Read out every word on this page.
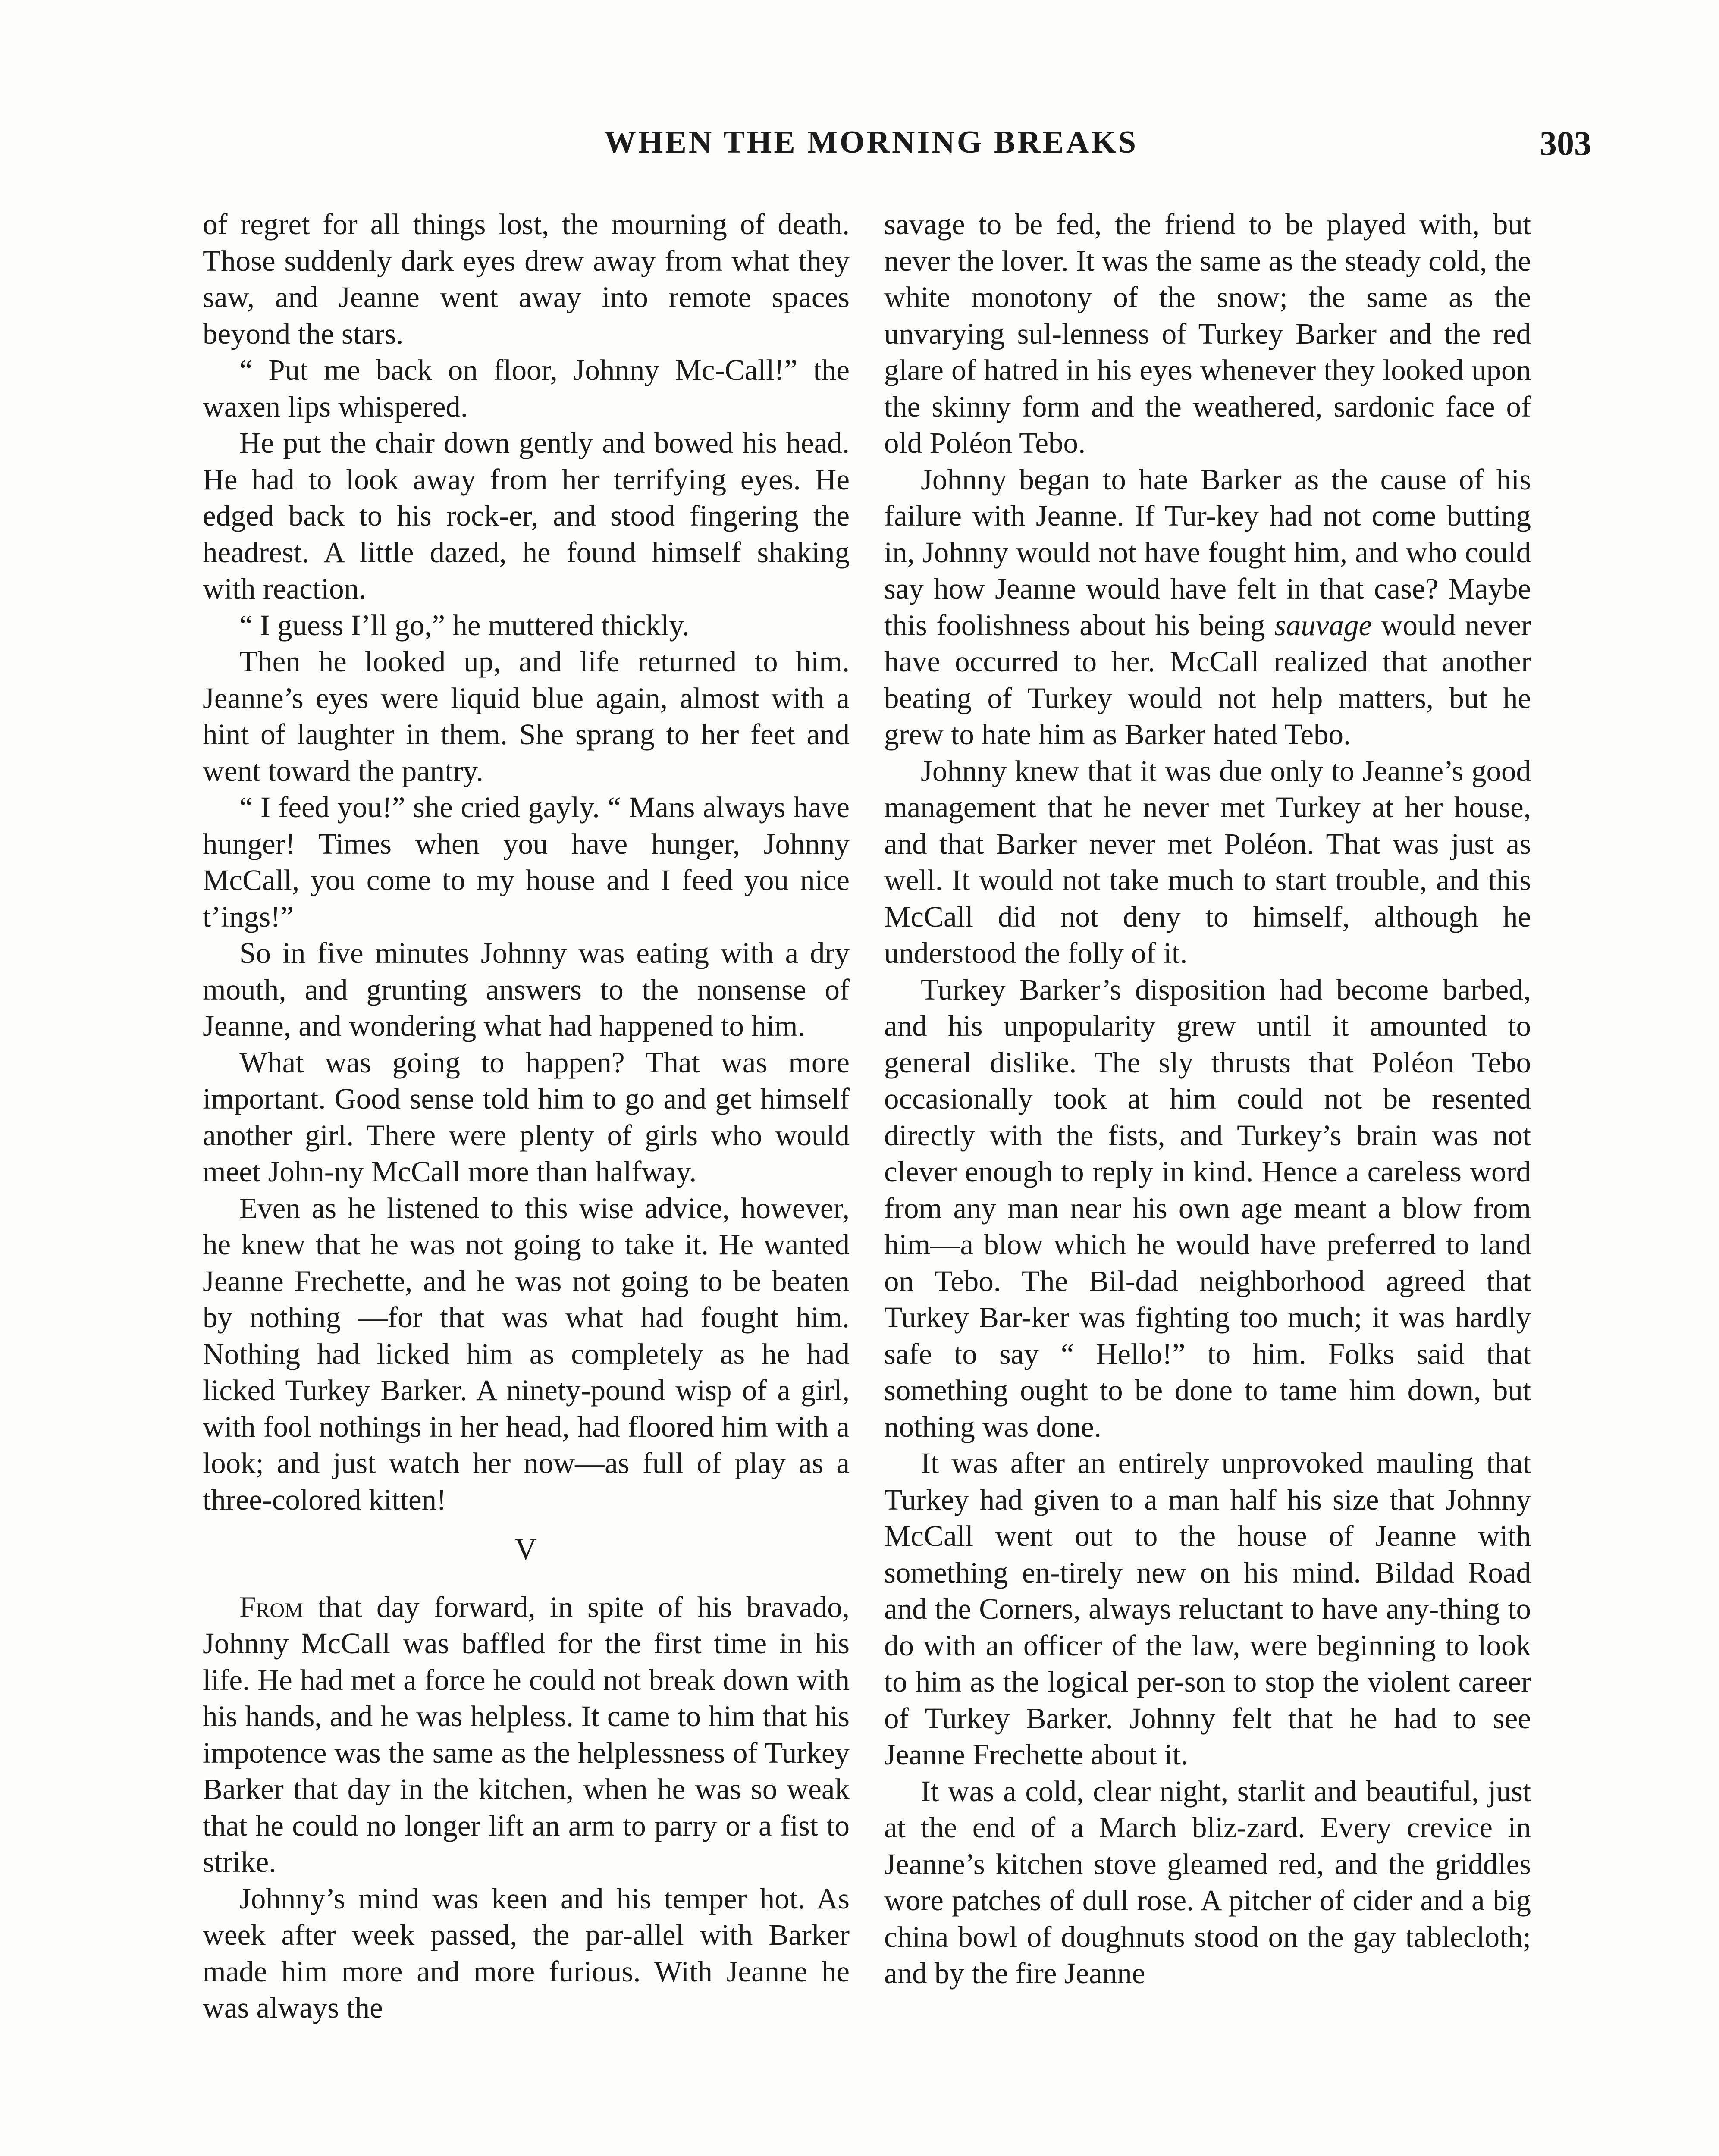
WHEN THE MORNING BREAKS	303

of regret for all things lost, the mourning of death. Those suddenly dark eyes drew away from what they saw, and Jeanne went away into remote spaces beyond the stars.

“ Put me back on floor, Johnny Mc-Call!” the waxen lips whispered.

He put the chair down gently and bowed his head. He had to look away from her terrifying eyes. He edged back to his rock-er, and stood fingering the headrest. A little dazed, he found himself shaking with reaction.

“ I guess I’ll go,” he muttered thickly.

Then he looked up, and life returned to him. Jeanne’s eyes were liquid blue again, almost with a hint of laughter in them. She sprang to her feet and went toward the pantry.

“ I feed you!” she cried gayly. “ Mans always have hunger! Times when you have hunger, Johnny McCall, you come to my house and I feed you nice t’ings!”

So in five minutes Johnny was eating with a dry mouth, and grunting answers to the nonsense of Jeanne, and wondering what had happened to him.

What was going to happen? That was more important. Good sense told him to go and get himself another girl. There were plenty of girls who would meet John-ny McCall more than halfway.

Even as he listened to this wise advice, however, he knew that he was not going to take it. He wanted Jeanne Frechette, and he was not going to be beaten by nothing —for that was what had fought him. Nothing had licked him as completely as he had licked Turkey Barker. A ninety-pound wisp of a girl, with fool nothings in her head, had floored him with a look; and just watch her now—as full of play as a three-colored kitten!

V

From that day forward, in spite of his bravado, Johnny McCall was baffled for the first time in his life. He had met a force he could not break down with his hands, and he was helpless. It came to him that his impotence was the same as the helplessness of Turkey Barker that day in the kitchen, when he was so weak that he could no longer lift an arm to parry or a fist to strike.

Johnny’s mind was keen and his temper hot. As week after week passed, the par-allel with Barker made him more and more furious. With Jeanne he was always the

savage to be fed, the friend to be played with, but never the lover. It was the same as the steady cold, the white monotony of the snow; the same as the unvarying sul-lenness of Turkey Barker and the red glare of hatred in his eyes whenever they looked upon the skinny form and the weathered, sardonic face of old Poléon Tebo.

Johnny began to hate Barker as the cause of his failure with Jeanne. If Tur-key had not come butting in, Johnny would not have fought him, and who could say how Jeanne would have felt in that case? Maybe this foolishness about his being sauvage would never have occurred to her. McCall realized that another beating of Turkey would not help matters, but he grew to hate him as Barker hated Tebo.

Johnny knew that it was due only to Jeanne’s good management that he never met Turkey at her house, and that Barker never met Poléon. That was just as well. It would not take much to start trouble, and this McCall did not deny to himself, although he understood the folly of it.

Turkey Barker’s disposition had become barbed, and his unpopularity grew until it amounted to general dislike. The sly thrusts that Poléon Tebo occasionally took at him could not be resented directly with the fists, and Turkey’s brain was not clever enough to reply in kind. Hence a careless word from any man near his own age meant a blow from him—a blow which he would have preferred to land on Tebo. The Bil-dad neighborhood agreed that Turkey Bar-ker was fighting too much; it was hardly safe to say “ Hello!” to him. Folks said that something ought to be done to tame him down, but nothing was done.

It was after an entirely unprovoked mauling that Turkey had given to a man half his size that Johnny McCall went out to the house of Jeanne with something en-tirely new on his mind. Bildad Road and the Corners, always reluctant to have any-thing to do with an officer of the law, were beginning to look to him as the logical per-son to stop the violent career of Turkey Barker. Johnny felt that he had to see Jeanne Frechette about it.

It was a cold, clear night, starlit and beautiful, just at the end of a March bliz-zard. Every crevice in Jeanne’s kitchen stove gleamed red, and the griddles wore patches of dull rose. A pitcher of cider and a big china bowl of doughnuts stood on the gay tablecloth; and by the fire Jeanne
